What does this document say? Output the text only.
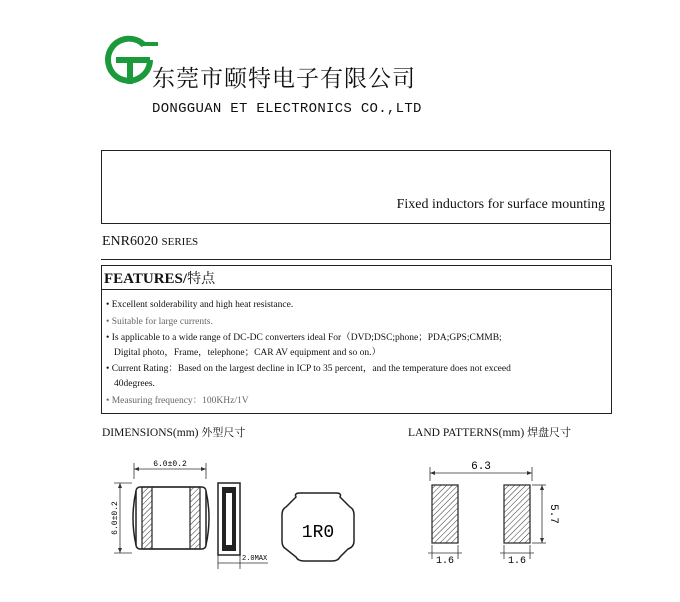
东莞市颐特电子有限公司
DONGGUAN ET ELECTRONICS CO.,LTD
Fixed inductors for surface mounting
ENR6020 SERIES
FEATURES/特点
• Excellent solderability and high heat resistance.
• Suitable for large currents.
• Is applicable to a wide range of DC-DC converters ideal For（DVD;DSC;phone；PDA;GPS;CMMB;
Digital photo，Frame，telephone；CAR AV equipment and so on.）
• Current Rating：Based on the largest decline in ICP to 35 percent，and the temperature does not exceed
40degrees.
• Measuring frequency：100KHz/1V
DIMENSIONS(mm) 外型尺寸	LAND PATTERNS(mm) 焊盘尺寸
6.0±0.2
6.0±0.2
2.0MAX
1R0
6.3
5.7
1.6	1.6
